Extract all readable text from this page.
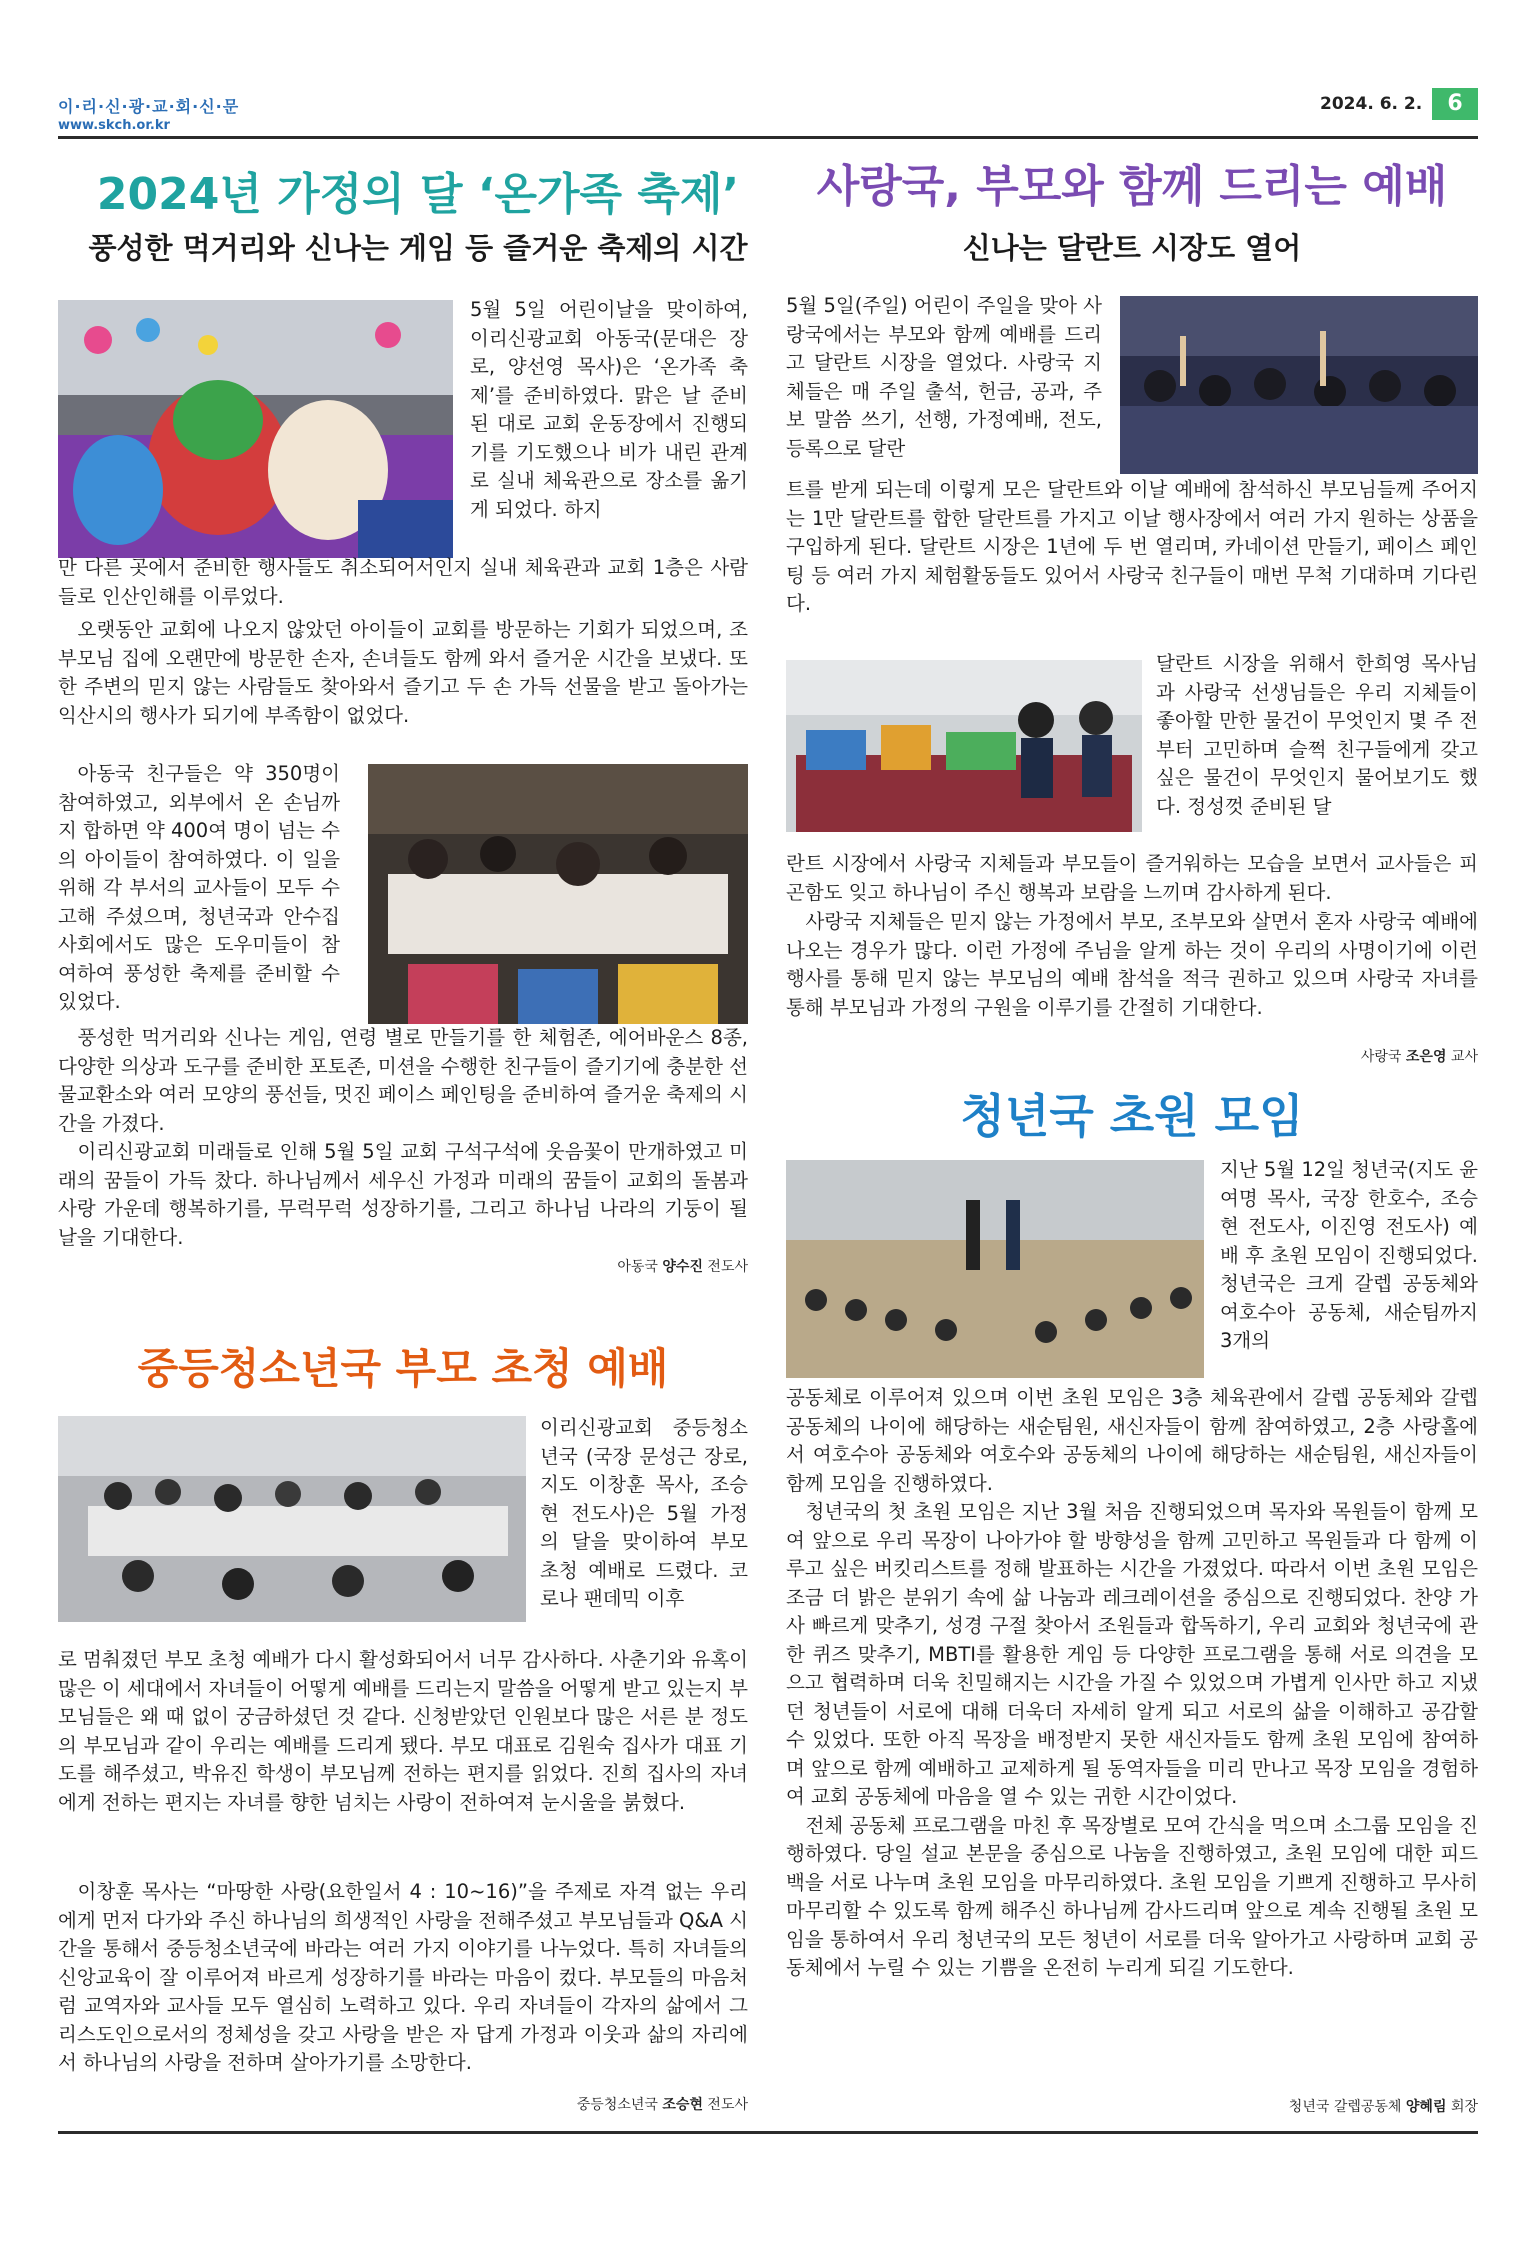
이·리·신·광·교·회·신·문
www.skch.or.kr
2024. 6. 2.	6
2024년 가정의 달 ‘온가족 축제’
풍성한 먹거리와 신나는 게임 등 즐거운 축제의 시간
5월 5일 어린이날을 맞이하여, 이리신광교회 아동국(문대은 장로, 양선영 목사)은 ‘온가족 축제’를 준비하였다. 맑은 날 준비된 대로 교회 운동장에서 진행되기를 기도했으나 비가 내린 관계로 실내 체육관으로 장소를 옮기게 되었다. 하지
만 다른 곳에서 준비한 행사들도 취소되어서인지 실내 체육관과 교회 1층은 사람들로 인산인해를 이루었다.

오랫동안 교회에 나오지 않았던 아이들이 교회를 방문하는 기회가 되었으며, 조부모님 집에 오랜만에 방문한 손자, 손녀들도 함께 와서 즐거운 시간을 보냈다. 또한 주변의 믿지 않는 사람들도 찾아와서 즐기고 두 손 가득 선물을 받고 돌아가는 익산시의 행사가 되기에 부족함이 없었다.

아동국 친구들은 약 350명이 참여하였고, 외부에서 온 손님까지 합하면 약 400여 명이 넘는 수의 아이들이 참여하였다. 이 일을 위해 각 부서의 교사들이 모두 수고해 주셨으며, 청년국과 안수집사회에서도 많은 도우미들이 참여하여 풍성한 축제를 준비할 수 있었다.

풍성한 먹거리와 신나는 게임, 연령 별로 만들기를 한 체험존, 에어바운스 8종, 다양한 의상과 도구를 준비한 포토존, 미션을 수행한 친구들이 즐기기에 충분한 선물교환소와 여러 모양의 풍선들, 멋진 페이스 페인팅을 준비하여 즐거운 축제의 시간을 가졌다.

이리신광교회 미래들로 인해 5월 5일 교회 구석구석에 웃음꽃이 만개하였고 미래의 꿈들이 가득 찼다. 하나님께서 세우신 가정과 미래의 꿈들이 교회의 돌봄과 사랑 가운데 행복하기를, 무럭무럭 성장하기를, 그리고 하나님 나라의 기둥이 될 날을 기대한다.

아동국 양수진 전도사
중등청소년국 부모 초청 예배
이리신광교회 중등청소년국 (국장 문성근 장로, 지도 이창훈 목사, 조승현 전도사)은 5월 가정의 달을 맞이하여 부모 초청 예배로 드렸다. 코로나 팬데믹 이후
로 멈춰졌던 부모 초청 예배가 다시 활성화되어서 너무 감사하다. 사춘기와 유혹이 많은 이 세대에서 자녀들이 어떻게 예배를 드리는지 말씀을 어떻게 받고 있는지 부모님들은 왜 때 없이 궁금하셨던 것 같다. 신청받았던 인원보다 많은 서른 분 정도의 부모님과 같이 우리는 예배를 드리게 됐다. 부모 대표로 김원숙 집사가 대표 기도를 해주셨고, 박유진 학생이 부모님께 전하는 편지를 읽었다. 진희 집사의 자녀에게 전하는 편지는 자녀를 향한 넘치는 사랑이 전하여져 눈시울을 붉혔다.

이창훈 목사는 “마땅한 사랑(요한일서 4 : 10~16)”을 주제로 자격 없는 우리에게 먼저 다가와 주신 하나님의 희생적인 사랑을 전해주셨고 부모님들과 Q&A 시간을 통해서 중등청소년국에 바라는 여러 가지 이야기를 나누었다. 특히 자녀들의 신앙교육이 잘 이루어져 바르게 성장하기를 바라는 마음이 컸다. 부모들의 마음처럼 교역자와 교사들 모두 열심히 노력하고 있다. 우리 자녀들이 각자의 삶에서 그리스도인으로서의 정체성을 갖고 사랑을 받은 자 답게 가정과 이웃과 삶의 자리에서 하나님의 사랑을 전하며 살아가기를 소망한다.

중등청소년국 조승현 전도사
사랑국, 부모와 함께 드리는 예배
신나는 달란트 시장도 열어
5월 5일(주일) 어린이 주일을 맞아 사랑국에서는 부모와 함께 예배를 드리고 달란트 시장을 열었다. 사랑국 지체들은 매 주일 출석, 헌금, 공과, 주보 말씀 쓰기, 선행, 가정예배, 전도, 등록으로 달란
트를 받게 되는데 이렇게 모은 달란트와 이날 예배에 참석하신 부모님들께 주어지는 1만 달란트를 합한 달란트를 가지고 이날 행사장에서 여러 가지 원하는 상품을 구입하게 된다. 달란트 시장은 1년에 두 번 열리며, 카네이션 만들기, 페이스 페인팅 등 여러 가지 체험활동들도 있어서 사랑국 친구들이 매번 무척 기대하며 기다린다.
달란트 시장을 위해서 한희영 목사님과 사랑국 선생님들은 우리 지체들이 좋아할 만한 물건이 무엇인지 몇 주 전부터 고민하며 슬쩍 친구들에게 갖고 싶은 물건이 무엇인지 물어보기도 했다. 정성껏 준비된 달
란트 시장에서 사랑국 지체들과 부모들이 즐거워하는 모습을 보면서 교사들은 피곤함도 잊고 하나님이 주신 행복과 보람을 느끼며 감사하게 된다.

사랑국 지체들은 믿지 않는 가정에서 부모, 조부모와 살면서 혼자 사랑국 예배에 나오는 경우가 많다. 이런 가정에 주님을 알게 하는 것이 우리의 사명이기에 이런 행사를 통해 믿지 않는 부모님의 예배 참석을 적극 권하고 있으며 사랑국 자녀를 통해 부모님과 가정의 구원을 이루기를 간절히 기대한다.

사랑국 조은영 교사
청년국 초원 모임
지난 5월 12일 청년국(지도 윤여명 목사, 국장 한호수, 조승현 전도사, 이진영 전도사) 예배 후 초원 모임이 진행되었다. 청년국은 크게 갈렙 공동체와 여호수아 공동체, 새순팀까지 3개의
공동체로 이루어져 있으며 이번 초원 모임은 3층 체육관에서 갈렙 공동체와 갈렙 공동체의 나이에 해당하는 새순팀원, 새신자들이 함께 참여하였고, 2층 사랑홀에서 여호수아 공동체와 여호수와 공동체의 나이에 해당하는 새순팀원, 새신자들이 함께 모임을 진행하였다.

청년국의 첫 초원 모임은 지난 3월 처음 진행되었으며 목자와 목원들이 함께 모여 앞으로 우리 목장이 나아가야 할 방향성을 함께 고민하고 목원들과 다 함께 이루고 싶은 버킷리스트를 정해 발표하는 시간을 가졌었다. 따라서 이번 초원 모임은 조금 더 밝은 분위기 속에 삶 나눔과 레크레이션을 중심으로 진행되었다. 찬양 가사 빠르게 맞추기, 성경 구절 찾아서 조원들과 합독하기, 우리 교회와 청년국에 관한 퀴즈 맞추기, MBTI를 활용한 게임 등 다양한 프로그램을 통해 서로 의견을 모으고 협력하며 더욱 친밀해지는 시간을 가질 수 있었으며 가볍게 인사만 하고 지냈던 청년들이 서로에 대해 더욱더 자세히 알게 되고 서로의 삶을 이해하고 공감할 수 있었다. 또한 아직 목장을 배정받지 못한 새신자들도 함께 초원 모임에 참여하며 앞으로 함께 예배하고 교제하게 될 동역자들을 미리 만나고 목장 모임을 경험하여 교회 공동체에 마음을 열 수 있는 귀한 시간이었다.

전체 공동체 프로그램을 마친 후 목장별로 모여 간식을 먹으며 소그룹 모임을 진행하였다. 당일 설교 본문을 중심으로 나눔을 진행하였고, 초원 모임에 대한 피드백을 서로 나누며 초원 모임을 마무리하였다. 초원 모임을 기쁘게 진행하고 무사히 마무리할 수 있도록 함께 해주신 하나님께 감사드리며 앞으로 계속 진행될 초원 모임을 통하여서 우리 청년국의 모든 청년이 서로를 더욱 알아가고 사랑하며 교회 공동체에서 누릴 수 있는 기쁨을 온전히 누리게 되길 기도한다.

청년국 갈렙공동체 양혜림 회장
